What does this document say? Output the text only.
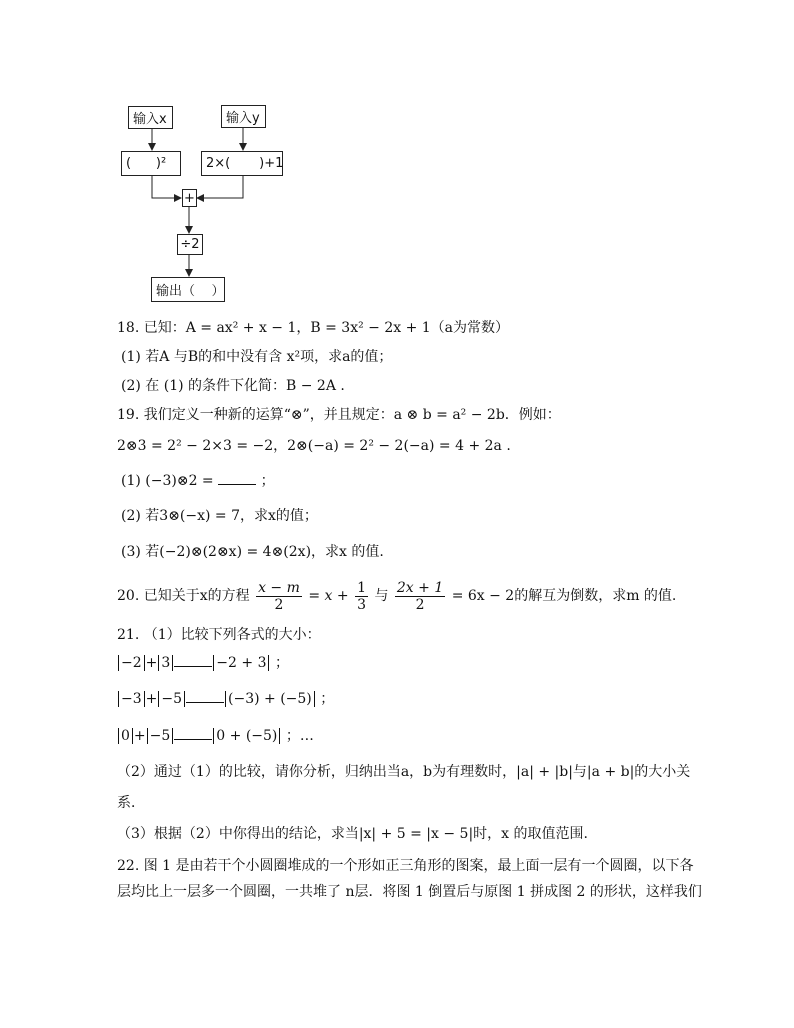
输入x	输入y
(      )²	2×(       )+1
+
÷2
输出（    ）
18. 已知：A = ax² + x − 1，B = 3x² − 2x + 1（a为常数）
(1) 若A 与B的和中没有含 x²项，求a的值；
(2) 在 (1) 的条件下化简：B − 2A .
19. 我们定义一种新的运算“⊗”，并且规定：a ⊗ b = a² − 2b．例如：
2⊗3 = 2² − 2×3 = −2，2⊗(−a) = 2² − 2(−a) = 4 + 2a .
(1) (−3)⊗2 =	；
(2) 若3⊗(−x) = 7，求x的值；
(3) 若(−2)⊗(2⊗x) = 4⊗(2x)，求x 的值.
20. 已知关于x的方程 $\frac{x - m}{2} = x + \frac{1}{3}$ 与 $\frac{2x + 1}{2} = 6x - 2$的解互为倒数，求m 的值.
21. （1）比较下列各式的大小：
−2 + 3	−2 + 3 ；
−3 + −5	(−3) + (−5) ；
0 + −5	0 + (−5) ；…
（2）通过（1）的比较，请你分析，归纳出当a，b为有理数时，|a| + |b|与|a + b|的大小关
系．
（3）根据（2）中你得出的结论，求当|x| + 5 = |x − 5|时，x 的取值范围.
22. 图 1 是由若干个小圆圈堆成的一个形如正三角形的图案，最上面一层有一个圆圈，以下各
层均比上一层多一个圆圈，一共堆了 n层．将图 1 倒置后与原图 1 拼成图 2 的形状，这样我们
